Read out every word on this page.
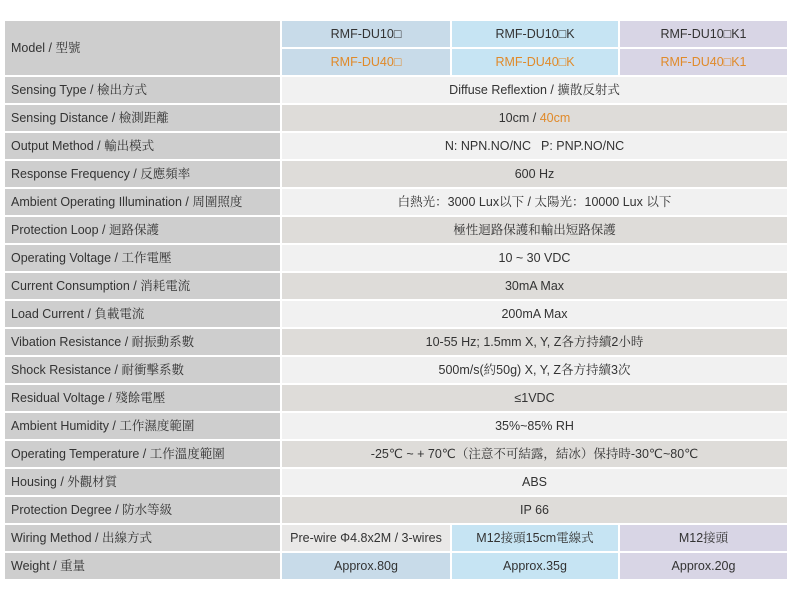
Model / 型號	RMF-DU10□	RMF-DU10□K	RMF-DU10□K1
	RMF-DU40□	RMF-DU40□K	RMF-DU40□K1
Sensing Type / 檢出方式	Diffuse Reflextion / 擴散反射式		
Sensing Distance / 檢測距離	10cm / 40cm		
Output Method / 輸出模式	N: NPN.NO/NC P: PNP.NO/NC		
Response Frequency / 反應頻率	600 Hz		
Ambient Operating Illumination / 周圍照度	白熱光：3000 Lux以下 / 太陽光：10000 Lux 以下		
Protection Loop / 迴路保護	極性迴路保護和輸出短路保護		
Operating Voltage / 工作電壓	10 ~ 30 VDC		
Current Consumption / 消耗電流	30mA Max		
Load Current / 負載電流	200mA Max		
Vibation Resistance / 耐振動系數	10-55 Hz; 1.5mm X, Y, Z各方持續2小時		
Shock Resistance / 耐衝擊系數	500m/s(約50g) X, Y, Z各方持續3次		
Residual Voltage / 殘餘電壓	≤1VDC		
Ambient Humidity / 工作濕度範圍	35%~85% RH		
Operating Temperature / 工作溫度範圍	-25℃ ~ + 70℃（注意不可結露，結冰）保持時-30℃~80℃		
Housing / 外觀材質	ABS		
Protection Degree / 防水等級	IP 66		
Wiring Method / 出線方式	Pre-wire Φ4.8x2M / 3-wires	M12接頭15cm電線式	M12接頭
Weight / 重量	Approx.80g	Approx.35g	Approx.20g
